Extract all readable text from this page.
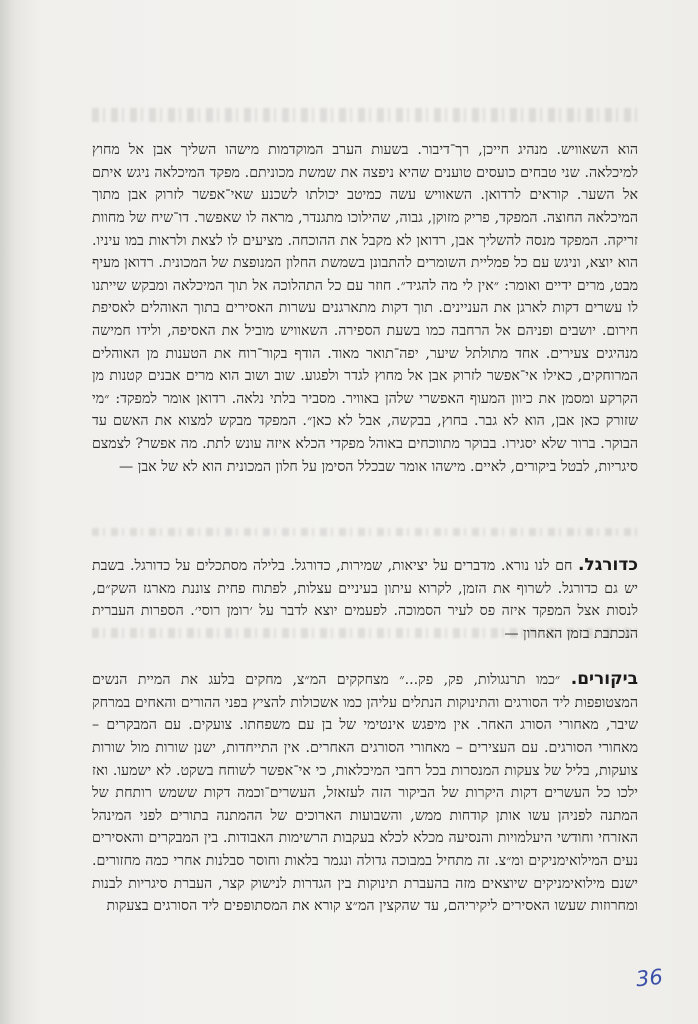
הוא השאוויש. מנהיג חייכן, רך־דיבור. בשעות הערב המוקדמות מישהו השליך אבן אל מחוץ למיכלאה. שני טבחים כועסים טוענים שהיא ניפצה את שמשת מכוניתם. מפקד המיכלאה ניגש איתם אל השער. קוראים לרדואן. השאוויש עשה כמיטב יכולתו לשכנע שאי־אפשר לזרוק אבן מתוך המיכלאה החוצה. המפקד, פריק מזוקן, גבוה, שהילוכו מתגנדר, מראה לו שאפשר. דו־שיח של מחוות זריקה. המפקד מנסה להשליך אבן, רדואן לא מקבל את ההוכחה. מציעים לו לצאת ולראות במו עיניו. הוא יוצא, וניגש עם כל פמליית השומרים להתבונן בשמשת החלון המנופצת של המכונית. רדואן מעיף מבט, מרים ידיים ואומר: ״אין לי מה להגיד״. חוזר עם כל התהלוכה אל תוך המיכלאה ומבקש שייתנו לו עשרים דקות לארגן את העניינים. תוך דקות מתארגנים עשרות האסירים בתוך האוהלים לאסיפת חירום. יושבים ופניהם אל הרחבה כמו בשעת הספירה. השאוויש מוביל את האסיפה, ולידו חמישה מנהיגים צעירים. אחד מתולתל שיער, יפה־תואר מאוד. הודף בקור־רוח את הטענות מן האוהלים המרוחקים, כאילו אי־אפשר לזרוק אבן אל מחוץ לגדר ולפגוע. שוב ושוב הוא מרים אבנים קטנות מן הקרקע ומסמן את כיוון המעוף האפשרי שלהן באוויר. מסביר בלתי נלאה. רדואן אומר למפקד: ״מי שזורק כאן אבן, הוא לא גבר. בחוץ, בבקשה, אבל לא כאן״. המפקד מבקש למצוא את האשם עד הבוקר. ברור שלא יסגירו. בבוקר מתווכחים באוהל מפקדי הכלא איזה עונש לתת. מה אפשר? לצמצם סיגריות, לבטל ביקורים, לאיים. מישהו אומר שבכלל הסימן על חלון המכונית הוא לא של אבן —

כדורגל. חם לנו נורא. מדברים על יציאות, שמירות, כדורגל. בלילה מסתכלים על כדורגל. בשבת יש גם כדורגל. לשרוף את הזמן, לקרוא עיתון בעיניים עצלות, לפתוח פחית צוננת מארגז השק״ם, לנסות אצל המפקד איזה פס לעיר הסמוכה. לפעמים יוצא לדבר על ׳רומן רוסי׳. הספרות העברית הנכתבת בזמן האחרון —

ביקורים. ״כמו תרנגולות, פק, פק...״ מצחקקים המ״צ, מחקים בלעג את המיית הנשים המצטופפות ליד הסורגים והתינוקות הנתלים עליהן כמו אשכולות להציץ בפני ההורים והאחים במרחק שיבר, מאחורי הסורג האחר. אין מיפגש אינטימי של בן עם משפחתו. צועקים. עם המבקרים – מאחורי הסורגים. עם העצירים – מאחורי הסורגים האחרים. אין התייחדות, ישנן שורות מול שורות צועקות, בליל של צעקות המנסרות בכל רחבי המיכלאות, כי אי־אפשר לשוחח בשקט. לא ישמעו. ואז ילכו כל העשרים דקות היקרות של הביקור הזה לעזאזל, העשרים־וכמה דקות ששמש רותחת של המתנה לפניהן עשו אותן קודחות ממש, והשבועות הארוכים של ההמתנה בתורים לפני המינהל האזרחי וחודשי היעלמויות והנסיעה מכלא לכלא בעקבות הרשימות האבודות. בין המבקרים והאסירים נעים המילואימניקים ומ״צ. זה מתחיל במבוכה גדולה ונגמר בלאות וחוסר סבלנות אחרי כמה מחזורים. ישנם מילואימניקים שיוצאים מזה בהעברת תינוקות בין הגדרות לנישוק קצר, העברת סיגריות לבנות ומחרוזות שעשו האסירים ליקיריהם, עד שהקצין המ״צ קורא את המסתופפים ליד הסורגים בצעקות

36
